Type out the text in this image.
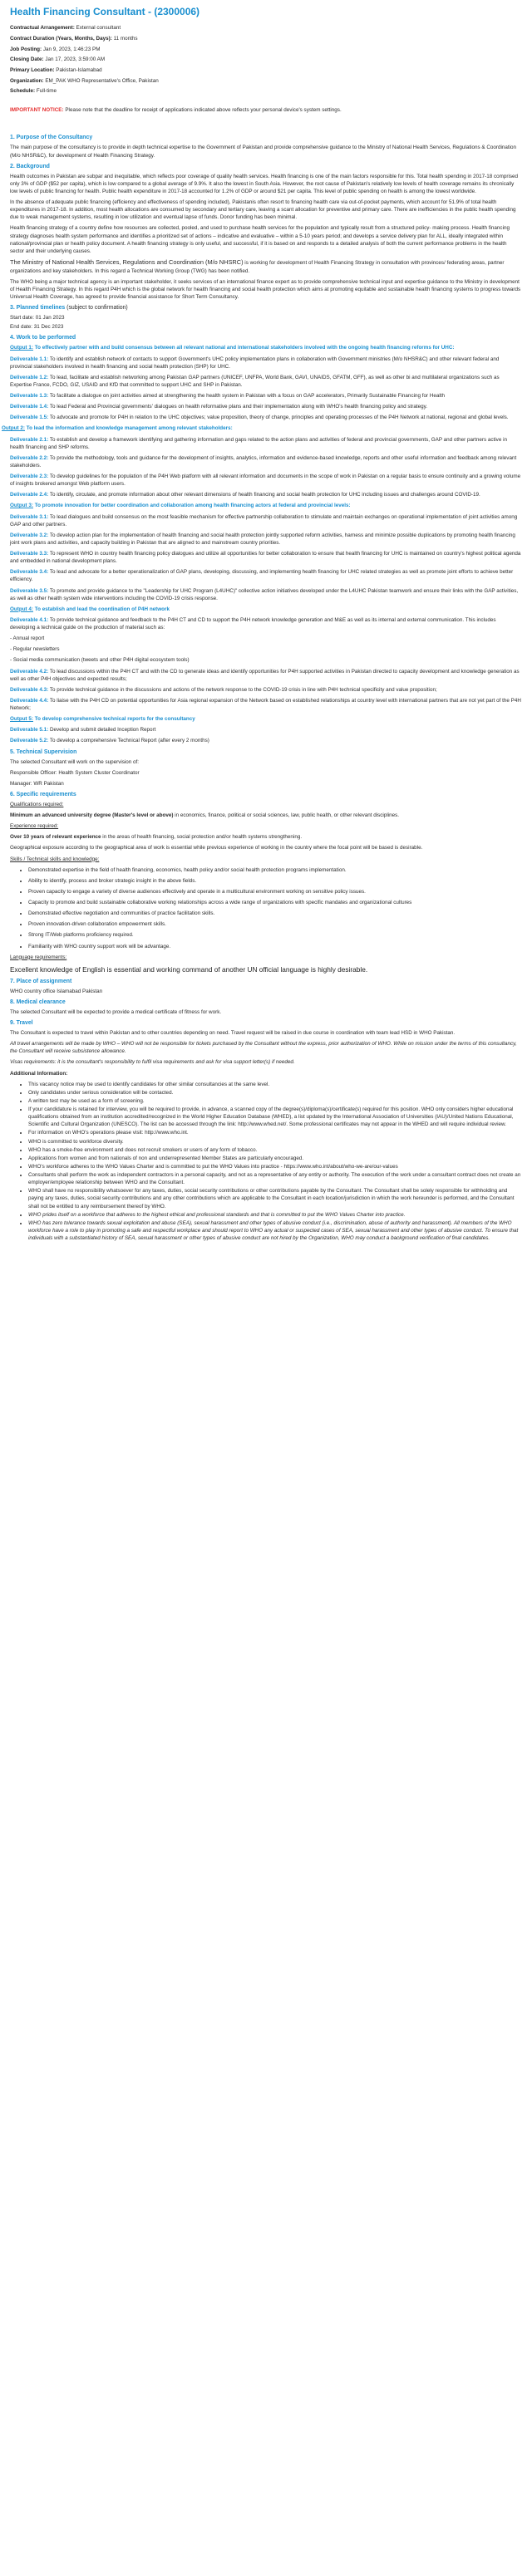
Health Financing Consultant - (2300006)

Contractual Arrangement: External consultant

Contract Duration (Years, Months, Days): 11 months

Job Posting: Jan 9, 2023, 1:46:23 PM

Closing Date: Jan 17, 2023, 3:59:00 AM

Primary Location: Pakistan-Islamabad

Organization: EM_PAK WHO Representative's Office, Pakistan

Schedule: Full-time

IMPORTANT NOTICE: Please note that the deadline for receipt of applications indicated above reflects your personal device's system settings.

1. Purpose of the Consultancy

The main purpose of the consultancy is to provide in depth technical expertise to the Government of Pakistan and provide comprehensive guidance to the Ministry of National Health Services, Regulations & Coordination (M/o NHSR&C), for development of Health Financing Strategy.

2. Background

Health outcomes in Pakistan are subpar and inequitable, which reflects poor coverage of quality health services. Health financing is one of the main factors responsible for this. Total health spending in 2017-18 comprised only 3% of GDP ($52 per capita), which is low compared to a global average of 9.9%. It also the lowest in South Asia. However, the root cause of Pakistan's relatively low levels of health coverage remains its chronically low levels of public financing for health. Public health expenditure in 2017-18 accounted for 1.2% of GDP or around $21 per capita. This level of public spending on health is among the lowest worldwide.

In the absence of adequate public financing (efficiency and effectiveness of spending included), Pakistanis often resort to financing health care via out-of-pocket payments, which account for 51.9% of total health expenditures in 2017-18. In addition, most health allocations are consumed by secondary and tertiary care, leaving a scant allocation for preventive and primary care. There are inefficiencies in the public health spending due to weak management systems, resulting in low utilization and eventual lapse of funds. Donor funding has been minimal.

Health financing strategy of a country define how resources are collected, pooled, and used to purchase health services for the population and typically result from a structured policy- making process. Health financing strategy diagnoses health system performance and identifies a prioritized set of actions – indicative and evaluative – within a 5-10 years period; and develops a service delivery plan for ALL, ideally integrated within national/provincial plan or health policy document. A health financing strategy is only useful, and successful, if it is based on and responds to a detailed analysis of both the current performance problems in the health sector and their underlying causes.

The Ministry of National Health Services, Regulations and Coordination (M/o NHSRC) is working for development of Health Financing Strategy in consultation with provinces/ federating areas, partner organizations and key stakeholders. In this regard a Technical Working Group (TWG) has been notified.

The WHO being a major technical agency is an important stakeholder, it seeks services of an international finance expert as to provide comprehensive technical input and expertise guidance to the Ministry in development of Health Financing Strategy. In this regard P4H which is the global network for health financing and social health protection which aims at promoting equitable and sustainable health financing systems to progress towards Universal Health Coverage, has agreed to provide financial assistance for Short Term Consultancy.

3. Planned timelines (subject to confirmation)

Start date: 01 Jan 2023

End date: 31 Dec 2023

4. Work to be performed

Output 1: To effectively partner with and build consensus between all relevant national and international stakeholders involved with the ongoing health financing reforms for UHC:

Deliverable 1.1: To identify and establish network of contacts to support Government's UHC policy implementation plans in collaboration with Government ministries (M/o NHSR&C) and other relevant federal and provincial stakeholders involved in health financing and social health protection (SHP) for UHC.

Deliverable 1.2: To lead, facilitate and establish networking among Pakistan GAP partners (UNICEF, UNFPA, World Bank, GAVI, UNAIDS, GFATM, GFF), as well as other bi and multilateral organizations such as Expertise France, FCDO, GIZ, USAID and KfD that committed to support UHC and SHP in Pakistan.

Deliverable 1.3: To facilitate a dialogue on joint activities aimed at strengthening the health system in Pakistan with a focus on GAP accelerators, Primarily Sustainable Financing for Health

Deliverable 1.4: To lead Federal and Provincial governments' dialogues on health reformative plans and their implementation along with WHO's health financing policy and strategy.

Deliverable 1.5: To advocate and promote for P4H in relation to the UHC objectives; value proposition, theory of change, principles and operating processes of the P4H Network at national, regional and global levels.

Output 2: To lead the information and knowledge management among relevant stakeholders:

Deliverable 2.1: To establish and develop a framework identifying and gathering information and gaps related to the action plans and activities of federal and provincial governments, GAP and other partners active in health financing and SHP reforms.

Deliverable 2.2: To provide the methodology, tools and guidance for the development of insights, analytics, information and evidence-based knowledge, reports and other useful information and feedback among relevant stakeholders.

Deliverable 2.3: To develop guidelines for the population of the P4H Web platform with all relevant information and documents in the scope of work in Pakistan on a regular basis to ensure continuity and a growing volume of insights brokered amongst Web platform users.

Deliverable 2.4: To identify, circulate, and promote information about other relevant dimensions of health financing and social health protection for UHC including issues and challenges around COVID-19.

Output 3: To promote innovation for better coordination and collaboration among health financing actors at federal and provincial levels:

Deliverable 3.1: To lead dialogues and build consensus on the most feasible mechanism for effective partnership collaboration to stimulate and maintain exchanges on operational implementation of joint activities among GAP and other partners.

Deliverable 3.2: To develop action plan for the implementation of health financing and social health protection jointly supported reform activities, harness and minimize possible duplications by promoting health financing joint work plans and activities, and capacity building in Pakistan that are aligned to and mainstream country priorities.

Deliverable 3.3: To represent WHO in country health financing policy dialogues and utilize all opportunities for better collaboration to ensure that health financing for UHC is maintained on country's highest political agenda and embedded in national development plans.

Deliverable 3.4: To lead and advocate for a better operationalization of GAP plans, developing, discussing, and implementing health financing for UHC related strategies as well as promote joint efforts to achieve better efficiency.

Deliverable 3.5: To promote and provide guidance to the "Leadership for UHC Program (L4UHC)" collective action initiatives developed under the L4UHC Pakistan teamwork and ensure their links with the GAP activities, as well as other health system wide interventions including the COVID-19 crisis response.

Output 4: To establish and lead the coordination of P4H network

Deliverable 4.1: To provide technical guidance and feedback to the P4H CT and CD to support the P4H network knowledge generation and M&E as well as its internal and external communication. This includes developing a technical guide on the production of material such as:

- Annual report

- Regular newsletters

- Social media communication (tweets and other P4H digital ecosystem tools)

Deliverable 4.2: To lead discussions within the P4H CT and with the CD to generate ideas and identify opportunities for P4H supported activities in Pakistan directed to capacity development and knowledge generation as well as other P4H objectives and expected results;

Deliverable 4.3: To provide technical guidance in the discussions and actions of the network response to the COVID-19 crisis in line with P4H technical specificity and value proposition;

Deliverable 4.4: To liaise with the P4H CD on potential opportunities for Asia regional expansion of the Network based on established relationships at country level with international partners that are not yet part of the P4H Network;

Output 5: To develop comprehensive technical reports for the consultancy

Deliverable 5.1: Develop and submit detailed Inception Report

Deliverable 5.2: To develop a comprehensive Technical Report (after every 2 months)

5. Technical Supervision

The selected Consultant will work on the supervision of:

Responsible Officer: Health System Cluster Coordinator

Manager: WR Pakistan

6. Specific requirements

Qualifications required:

Minimum an advanced university degree (Master's level or above) in economics, finance, political or social sciences, law, public health, or other relevant disciplines.

Experience required:

Over 10 years of relevant experience in the areas of health financing, social protection and/or health systems strengthening.

Geographical exposure according to the geographical area of work is essential while previous experience of working in the country where the focal point will be based is desirable.

Skills / Technical skills and knowledge:

• Demonstrated expertise in the field of health financing, economics, health policy and/or social health protection programs implementation.
• Ability to identify, process and broker strategic insight in the above fields.
• Proven capacity to engage a variety of diverse audiences effectively and operate in a multicultural environment working on sensitive policy issues.
• Capacity to promote and build sustainable collaborative working relationships across a wide range of organizations with specific mandates and organizational cultures
• Demonstrated effective negotiation and communities of practice facilitation skills.
• Proven innovation-driven collaboration empowerment skills.
• Strong IT/Web platforms proficiency required.
• Familiarity with WHO country support work will be advantage.

Language requirements:

Excellent knowledge of English is essential and working command of another UN official language is highly desirable.

7. Place of assignment

WHO country office Islamabad Pakistan

8. Medical clearance

The selected Consultant will be expected to provide a medical certificate of fitness for work.

9. Travel

The Consultant is expected to travel within Pakistan and to other countries depending on need. Travel request will be raised in due course in coordination with team lead HSD in WHO Pakistan.

All travel arrangements will be made by WHO – WHO will not be responsible for tickets purchased by the Consultant without the express, prior authorization of WHO. While on mission under the terms of this consultancy, the Consultant will receive subsistence allowance.

Visas requirements: it is the consultant's responsibility to fulfil visa requirements and ask for visa support letter(s) if needed.

Additional Information:

• This vacancy notice may be used to identify candidates for other similar consultancies at the same level.
• Only candidates under serious consideration will be contacted.
• A written test may be used as a form of screening.
• If your candidature is retained for interview, you will be required to provide, in advance, a scanned copy of the degree(s)/diploma(s)/certificate(s) required for this position. WHO only considers higher educational qualifications obtained from an institution accredited/recognized in the World Higher Education Database (WHED), a list updated by the International Association of Universities (IAU)/United Nations Educational, Scientific and Cultural Organization (UNESCO). The list can be accessed through the link: http://www.whed.net/. Some professional certificates may not appear in the WHED and will require individual review.
• For information on WHO's operations please visit: http://www.who.int.
• WHO is committed to workforce diversity.
• WHO has a smoke-free environment and does not recruit smokers or users of any form of tobacco.
• Applications from women and from nationals of non and underrepresented Member States are particularly encouraged.
• WHO's workforce adheres to the WHO Values Charter and is committed to put the WHO Values into practice - https://www.who.int/about/who-we-are/our-values
• Consultants shall perform the work as independent contractors in a personal capacity, and not as a representative of any entity or authority. The execution of the work under a consultant contract does not create an employer/employee relationship between WHO and the Consultant.
• WHO shall have no responsibility whatsoever for any taxes, duties, social security contributions or other contributions payable by the Consultant. The Consultant shall be solely responsible for withholding and paying any taxes, duties, social security contributions and any other contributions which are applicable to the Consultant in each location/jurisdiction in which the work hereunder is performed, and the Consultant shall not be entitled to any reimbursement thereof by WHO.
• WHO prides itself on a workforce that adheres to the highest ethical and professional standards and that is committed to put the WHO Values Charter into practice.
• WHO has zero tolerance towards sexual exploitation and abuse (SEA), sexual harassment and other types of abusive conduct (i.e., discrimination, abuse of authority and harassment). All members of the WHO workforce have a role to play in promoting a safe and respectful workplace and should report to WHO any actual or suspected cases of SEA, sexual harassment and other types of abusive conduct. To ensure that individuals with a substantiated history of SEA, sexual harassment or other types of abusive conduct are not hired by the Organization, WHO may conduct a background verification of final candidates.
